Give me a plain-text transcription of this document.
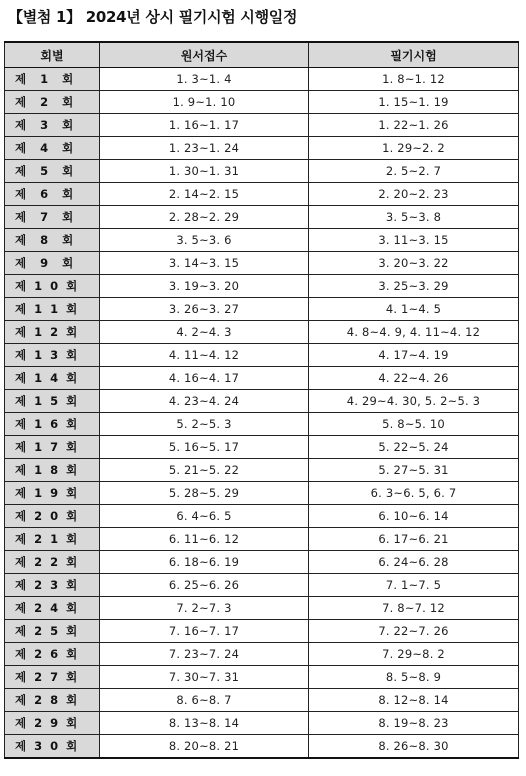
【별첨 1】 2024년 상시 필기시험 시행일정
회별	원서접수	필기시험
제  1  회	1. 3~1. 4	1. 8~1. 12
제  2  회	1. 9~1. 10	1. 15~1. 19
제  3  회	1. 16~1. 17	1. 22~1. 26
제  4  회	1. 23~1. 24	1. 29~2. 2
제  5  회	1. 30~1. 31	2. 5~2. 7
제  6  회	2. 14~2. 15	2. 20~2. 23
제  7  회	2. 28~2. 29	3. 5~3. 8
제  8  회	3. 5~3. 6	3. 11~3. 15
제  9  회	3. 14~3. 15	3. 20~3. 22
제 1 0 회	3. 19~3. 20	3. 25~3. 29
제 1 1 회	3. 26~3. 27	4. 1~4. 5
제 1 2 회	4. 2~4. 3	4. 8~4. 9, 4. 11~4. 12
제 1 3 회	4. 11~4. 12	4. 17~4. 19
제 1 4 회	4. 16~4. 17	4. 22~4. 26
제 1 5 회	4. 23~4. 24	4. 29~4. 30, 5. 2~5. 3
제 1 6 회	5. 2~5. 3	5. 8~5. 10
제 1 7 회	5. 16~5. 17	5. 22~5. 24
제 1 8 회	5. 21~5. 22	5. 27~5. 31
제 1 9 회	5. 28~5. 29	6. 3~6. 5, 6. 7
제 2 0 회	6. 4~6. 5	6. 10~6. 14
제 2 1 회	6. 11~6. 12	6. 17~6. 21
제 2 2 회	6. 18~6. 19	6. 24~6. 28
제 2 3 회	6. 25~6. 26	7. 1~7. 5
제 2 4 회	7. 2~7. 3	7. 8~7. 12
제 2 5 회	7. 16~7. 17	7. 22~7. 26
제 2 6 회	7. 23~7. 24	7. 29~8. 2
제 2 7 회	7. 30~7. 31	8. 5~8. 9
제 2 8 회	8. 6~8. 7	8. 12~8. 14
제 2 9 회	8. 13~8. 14	8. 19~8. 23
제 3 0 회	8. 20~8. 21	8. 26~8. 30
